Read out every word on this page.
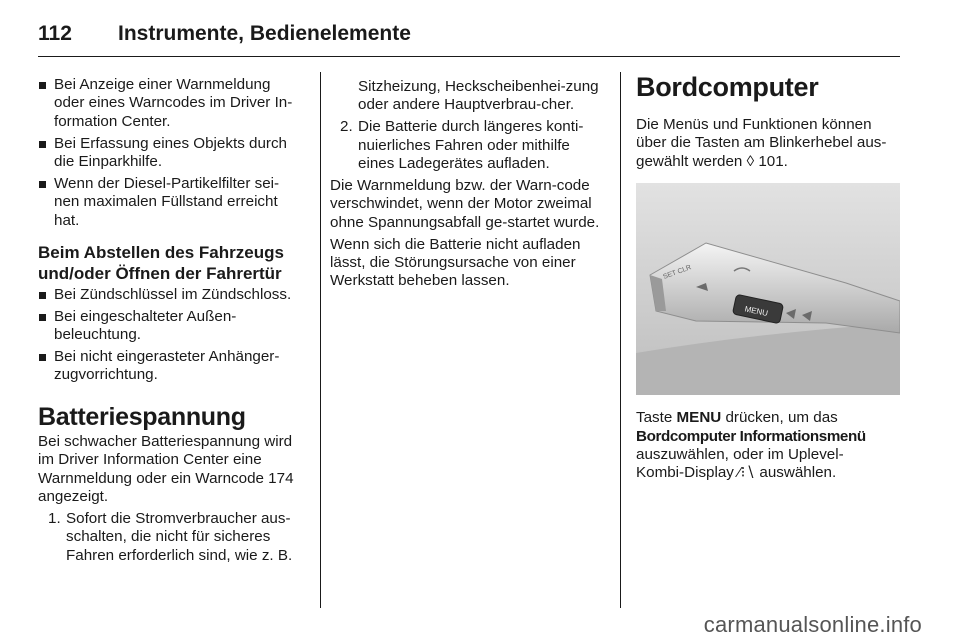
112 Instrumente, Bedienelemente
Bei Anzeige einer Warnmeldung oder eines Warncodes im Driver In-formation Center.
Bei Erfassung eines Objekts durch die Einparkhilfe.
Wenn der Diesel-Partikelfilter sei-nen maximalen Füllstand erreicht hat.
Beim Abstellen des Fahrzeugs und/oder Öffnen der Fahrertür
Bei Zündschlüssel im Zündschloss.
Bei eingeschalteter Außen-beleuchtung.
Bei nicht eingerasteter Anhänger-zugvorrichtung.
Batteriespannung

Bei schwacher Batteriespannung wird im Driver Information Center eine Warnmeldung oder ein Warncode 174 angezeigt.

1. Sofort die Stromverbraucher aus-schalten, die nicht für sicheres Fahren erforderlich sind, wie z. B.
Sitzheizung, Heckscheibenhei-zung oder andere Hauptverbrau-cher.
2. Die Batterie durch längeres konti-nuierliches Fahren oder mithilfe eines Ladegerätes aufladen.

Die Warnmeldung bzw. der Warn-code verschwindet, wenn der Motor zweimal ohne Spannungsabfall ge-startet wurde.

Wenn sich die Batterie nicht aufladen lässt, die Störungsursache von einer Werkstatt beheben lassen.

Bordcomputer

Die Menüs und Funktionen können über die Tasten am Blinkerhebel aus-gewählt werden ◊ 101.

MENU
SET CLR

Taste MENU drücken, um das

Bordcomputer Informationsmenü

auszuwählen, oder im Uplevel-

Kombi-Display ⁄⁝∖ auswählen.

carmanualsonline.info
